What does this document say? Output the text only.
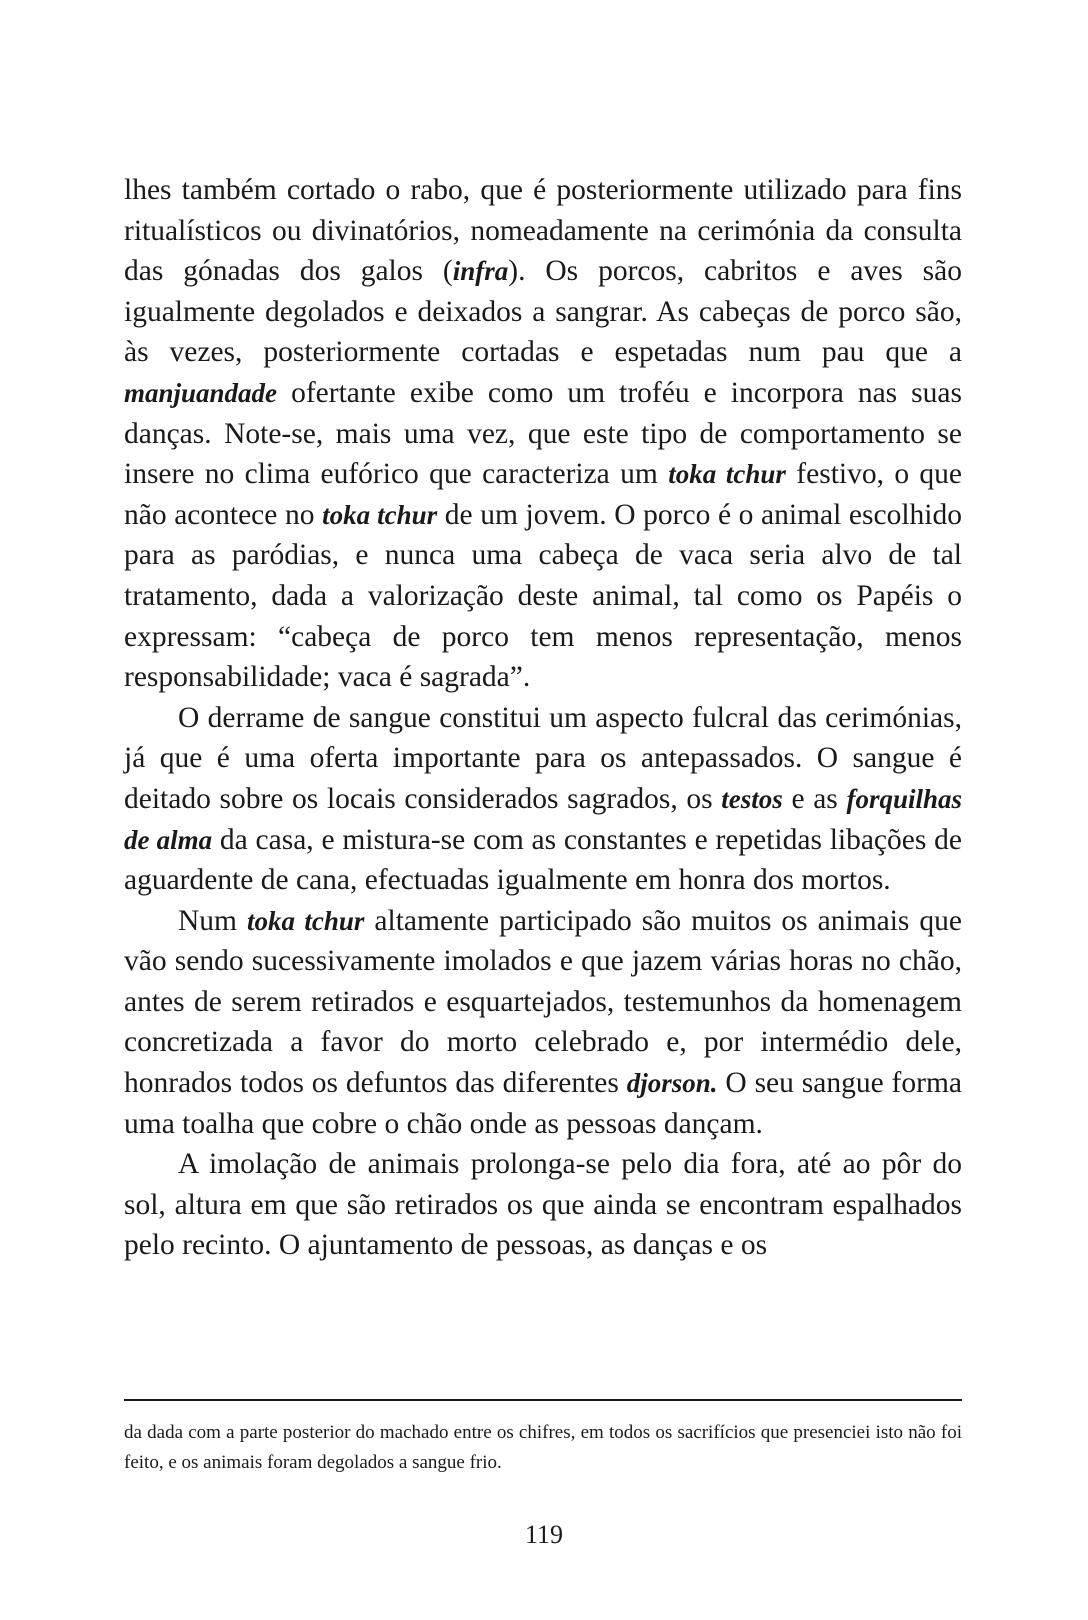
lhes também cortado o rabo, que é posteriormente utilizado para fins ritualísticos ou divinatórios, nomeadamente na cerimónia da consulta das gónadas dos galos (infra). Os porcos, cabritos e aves são igualmente degolados e deixados a sangrar. As cabeças de porco são, às vezes, posteriormente cortadas e espetadas num pau que a manjuandade ofertante exibe como um troféu e incorpora nas suas danças. Note-se, mais uma vez, que este tipo de comportamento se insere no clima eufórico que caracteriza um toka tchur festivo, o que não acontece no toka tchur de um jovem. O porco é o animal escolhido para as paródias, e nunca uma cabeça de vaca seria alvo de tal tratamento, dada a valorização deste animal, tal como os Papéis o expressam: “cabeça de porco tem menos representação, menos responsabilidade; vaca é sagrada”.

O derrame de sangue constitui um aspecto fulcral das cerimónias, já que é uma oferta importante para os antepassados. O sangue é deitado sobre os locais considerados sagrados, os testos e as forquilhas de alma da casa, e mistura-se com as constantes e repetidas libações de aguardente de cana, efectuadas igualmente em honra dos mortos.

Num toka tchur altamente participado são muitos os animais que vão sendo sucessivamente imolados e que jazem várias horas no chão, antes de serem retirados e esquartejados, testemunhos da homenagem concretizada a favor do morto celebrado e, por intermédio dele, honrados todos os defuntos das diferentes djorson. O seu sangue forma uma toalha que cobre o chão onde as pessoas dançam.

A imolação de animais prolonga-se pelo dia fora, até ao pôr do sol, altura em que são retirados os que ainda se encontram espalhados pelo recinto. O ajuntamento de pessoas, as danças e os

da dada com a parte posterior do machado entre os chifres, em todos os sacrifícios que presenciei isto não foi feito, e os animais foram degolados a sangue frio.
119
